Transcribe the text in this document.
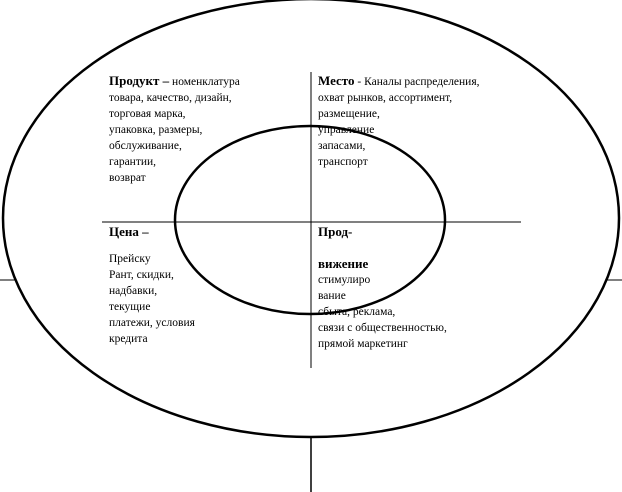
Продукт – номенклатура
товара, качество, дизайн,
торговая марка,
упаковка, размеры,
обслуживание,
гарантии,
возврат
Место - Каналы распределения,
охват рынков, ассортимент,
размещение,
управление
запасами,
транспорт
Цена –
Прейску
Рант, скидки,
надбавки,
текущие
платежи, условия
кредита
Прод-

вижение
стимулиро
вание
сбыта, реклама,
связи с общественностью,
прямой маркетинг
